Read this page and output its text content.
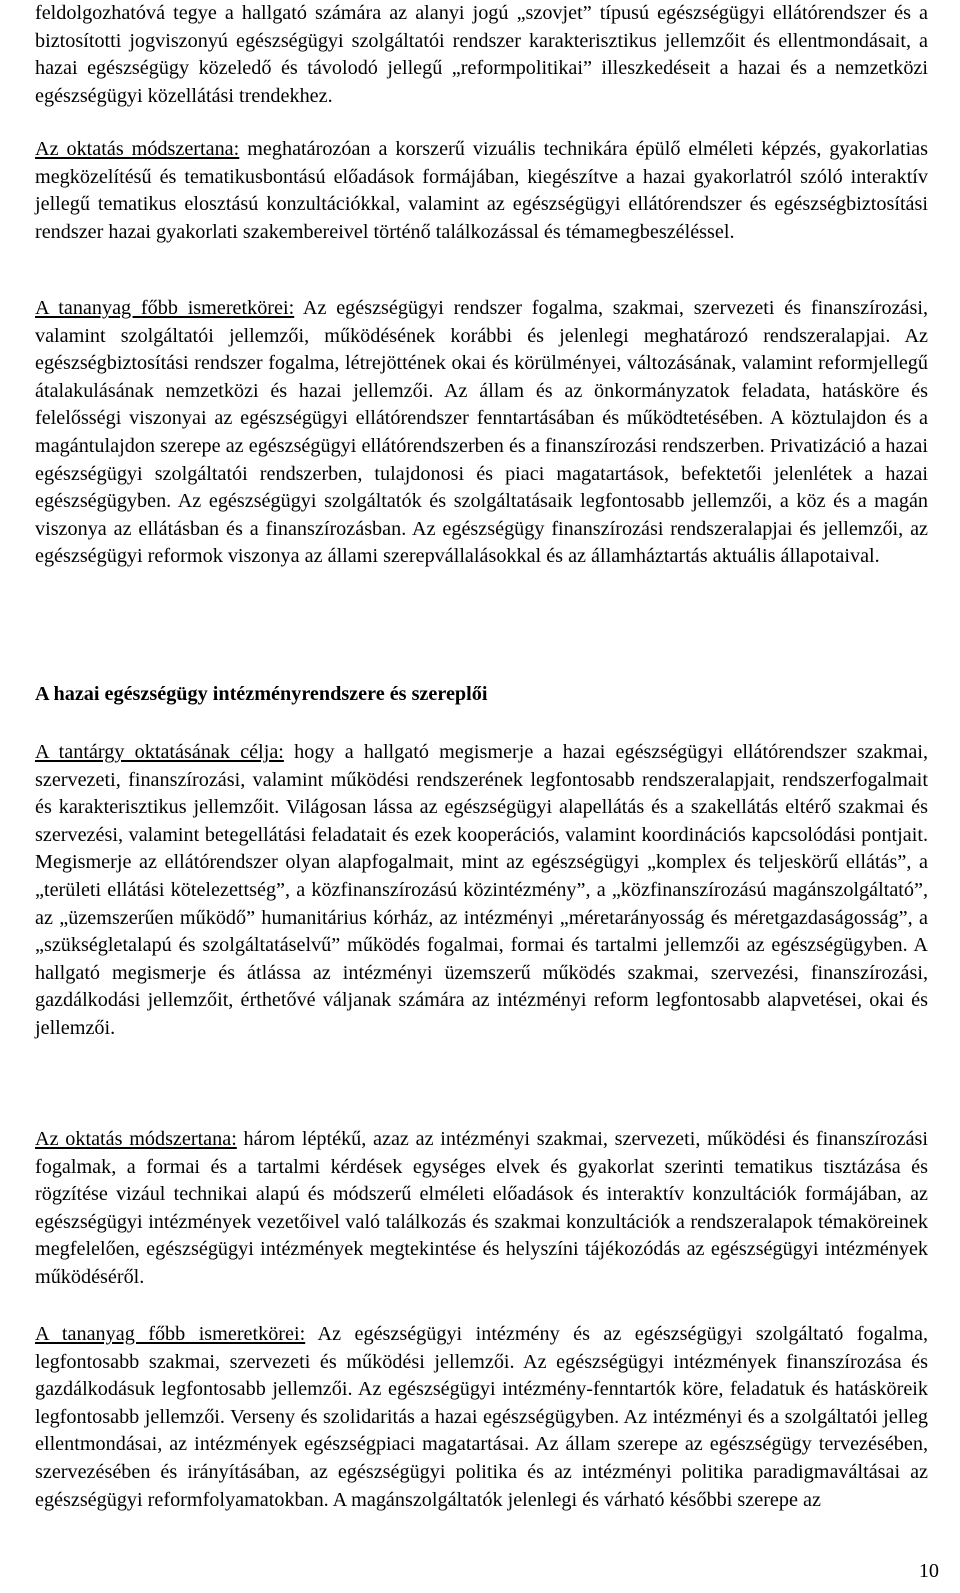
feldolgozhatóvá tegye a hallgató számára az alanyi jogú „szovjet” típusú egészségügyi ellátórendszer és a biztosítotti jogviszonyú egészségügyi szolgáltatói rendszer karakterisztikus jellemzőit és ellentmondásait, a hazai egészségügy közeledő és távolodó jellegű „reformpolitikai” illeszkedéseit a hazai és a nemzetközi egészségügyi közellátási trendekhez.

Az oktatás módszertana: meghatározóan a korszerű vizuális technikára épülő elméleti képzés, gyakorlatias megközelítésű és tematikusbontású előadások formájában, kiegészítve a hazai gyakorlatról szóló interaktív jellegű tematikus elosztású konzultációkkal, valamint az egészségügyi ellátórendszer és egészségbiztosítási rendszer hazai gyakorlati szakembereivel történő találkozással és témamegbeszéléssel.

A tananyag főbb ismeretkörei: Az egészségügyi rendszer fogalma, szakmai, szervezeti és finanszírozási, valamint szolgáltatói jellemzői, működésének korábbi és jelenlegi meghatározó rendszeralapjai. Az egészségbiztosítási rendszer fogalma, létrejöttének okai és körülményei, változásának, valamint reformjellegű átalakulásának nemzetközi és hazai jellemzői. Az állam és az önkormányzatok feladata, hatásköre és felelősségi viszonyai az egészségügyi ellátórendszer fenntartásában és működtetésében. A köztulajdon és a magántulajdon szerepe az egészségügyi ellátórendszerben és a finanszírozási rendszerben. Privatizáció a hazai egészségügyi szolgáltatói rendszerben, tulajdonosi és piaci magatartások, befektetői jelenlétek a hazai egészségügyben. Az egészségügyi szolgáltatók és szolgáltatásaik legfontosabb jellemzői, a köz és a magán viszonya az ellátásban és a finanszírozásban. Az egészségügy finanszírozási rendszeralapjai és jellemzői, az egészségügyi reformok viszonya az állami szerepvállalásokkal és az államháztartás aktuális állapotaival.

A hazai egészségügy intézményrendszere és szereplői

A tantárgy oktatásának célja: hogy a hallgató megismerje a hazai egészségügyi ellátórendszer szakmai, szervezeti, finanszírozási, valamint működési rendszerének legfontosabb rendszeralapjait, rendszerfogalmait és karakterisztikus jellemzőit. Világosan lássa az egészségügyi alapellátás és a szakellátás eltérő szakmai és szervezési, valamint betegellátási feladatait és ezek kooperációs, valamint koordinációs kapcsolódási pontjait. Megismerje az ellátórendszer olyan alapfogalmait, mint az egészségügyi „komplex és teljeskörű ellátás”, a „területi ellátási kötelezettség”, a közfinanszírozású közintézmény”, a „közfinanszírozású magánszolgáltató”, az „üzemszerűen működő” humanitárius kórház, az intézményi „méretarányosság és méretgazdaságosság”, a „szükségletalapú és szolgáltatáselvű” működés fogalmai, formai és tartalmi jellemzői az egészségügyben. A hallgató megismerje és átlássa az intézményi üzemszerű működés szakmai, szervezési, finanszírozási, gazdálkodási jellemzőit, érthetővé váljanak számára az intézményi reform legfontosabb alapvetései, okai és jellemzői.

Az oktatás módszertana: három léptékű, azaz az intézményi szakmai, szervezeti, működési és finanszírozási fogalmak, a formai és a tartalmi kérdések egységes elvek és gyakorlat szerinti tematikus tisztázása és rögzítése vizául technikai alapú és módszerű elméleti előadások és interaktív konzultációk formájában, az egészségügyi intézmények vezetőivel való találkozás és szakmai konzultációk a rendszeralapok témaköreinek megfelelően, egészségügyi intézmények megtekintése és helyszíni tájékozódás az egészségügyi intézmények működéséről.

A tananyag főbb ismeretkörei: Az egészségügyi intézmény és az egészségügyi szolgáltató fogalma, legfontosabb szakmai, szervezeti és működési jellemzői. Az egészségügyi intézmények finanszírozása és gazdálkodásuk legfontosabb jellemzői. Az egészségügyi intézmény-fenntartók köre, feladatuk és hatásköreik legfontosabb jellemzői. Verseny és szolidaritás a hazai egészségügyben. Az intézményi és a szolgáltatói jelleg ellentmondásai, az intézmények egészségpiaci magatartásai. Az állam szerepe az egészségügy tervezésében, szervezésében és irányításában, az egészségügyi politika és az intézményi politika paradigmaváltásai az egészségügyi reformfolyamatokban. A magánszolgáltatók jelenlegi és várható későbbi szerepe az

10
